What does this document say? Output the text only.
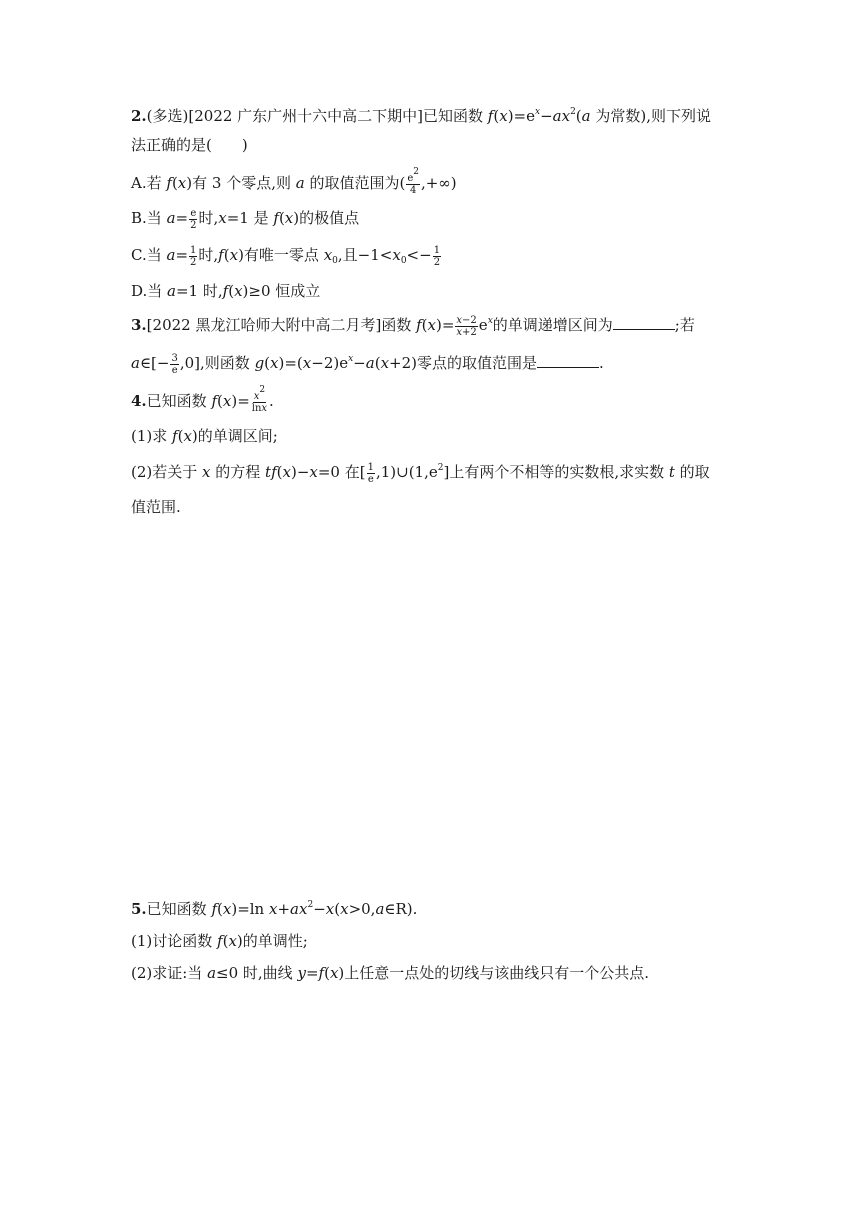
2.(多选)[2022 广东广州十六中高二下期中]已知函数 $f(x)=e^x-ax^2(a$ 为常数),则下列说
法正确的是( )
A.若 f(x)有 3 个零点,则 a 的取值范围为( $\frac{e^2}{4}$ ,+∞)
B.当 $a= \frac{e}{2}$ 时,x=1 是 f(x)的极值点
C.当 $a= \frac{1}{2}$ 时,f(x)有唯一零点 $x_0$,且$-1<x_0<- \frac{1}{2}$
D.当 a=1 时,f(x)≥0 恒成立
3.[2022 黑龙江哈师大附中高二月考]函数 $f(x)= \frac{x-2}{x+2} e^x$的单调递增区间为	;若
a∈[− $\frac{3}{e} ,0$],则函数 $g(x)=(x-2)e^x-a(x+2)$零点的取值范围是	.
4.已知函数 $f(x)= \frac{x^2}{\ln x}$ .
(1)求 f(x)的单调区间;
(2)若关于 x 的方程 tf(x)−x=0 在[ $\frac{1}{e}$ $,1)\cup(1,e^2]$上有两个不相等的实数根,求实数 t 的取
值范围.
5.已知函数 f(x)=ln $x+ax^2-x(x>0,a\in R)$.
(1)讨论函数 f(x)的单调性;
(2)求证:当 a≤0 时,曲线 y=f(x)上任意一点处的切线与该曲线只有一个公共点.
